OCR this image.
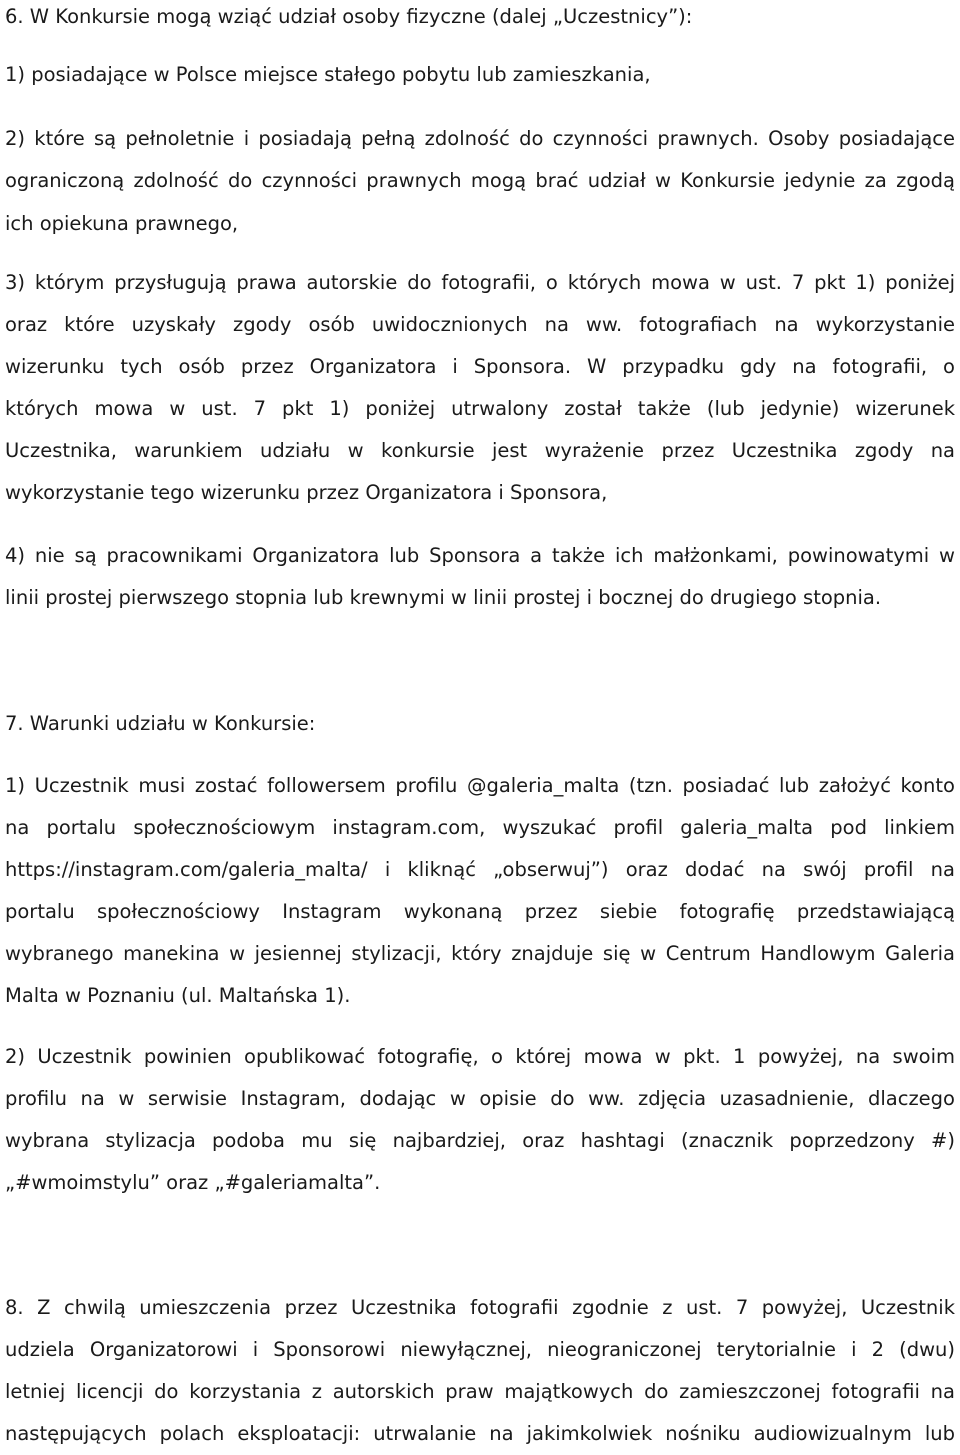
6. W Konkursie mogą wziąć udział osoby fizyczne (dalej „Uczestnicy”):
1) posiadające w Polsce miejsce stałego pobytu lub zamieszkania,
2) które są pełnoletnie i posiadają pełną zdolność do czynności prawnych. Osoby posiadające
ograniczoną zdolność do czynności prawnych mogą brać udział w Konkursie jedynie za zgodą
ich opiekuna prawnego,
3) którym przysługują prawa autorskie do fotografii, o których mowa w ust. 7 pkt 1) poniżej
oraz które uzyskały zgody osób uwidocznionych na ww. fotografiach na wykorzystanie
wizerunku tych osób przez Organizatora i Sponsora. W przypadku gdy na fotografii, o
których mowa w ust. 7 pkt 1) poniżej utrwalony został także (lub jedynie) wizerunek
Uczestnika, warunkiem udziału w konkursie jest wyrażenie przez Uczestnika zgody na
wykorzystanie tego wizerunku przez Organizatora i Sponsora,
4) nie są pracownikami Organizatora lub Sponsora a także ich małżonkami, powinowatymi w
linii prostej pierwszego stopnia lub krewnymi w linii prostej i bocznej do drugiego stopnia.
7. Warunki udziału w Konkursie:
1) Uczestnik musi zostać followersem profilu @galeria_malta (tzn. posiadać lub założyć konto
na portalu społecznościowym instagram.com, wyszukać profil galeria_malta pod linkiem
https://instagram.com/galeria_malta/ i kliknąć „obserwuj”) oraz dodać na swój profil na
portalu społecznościowy Instagram wykonaną przez siebie fotografię przedstawiającą
wybranego manekina w jesiennej stylizacji, który znajduje się w Centrum Handlowym Galeria
Malta w Poznaniu (ul. Maltańska 1).
2) Uczestnik powinien opublikować fotografię, o której mowa w pkt. 1 powyżej, na swoim
profilu na w serwisie Instagram, dodając w opisie do ww. zdjęcia uzasadnienie, dlaczego
wybrana stylizacja podoba mu się najbardziej, oraz hashtagi (znacznik poprzedzony #)
„#wmoimstylu” oraz „#galeriamalta”.
8. Z chwilą umieszczenia przez Uczestnika fotografii zgodnie z ust. 7 powyżej, Uczestnik
udziela Organizatorowi i Sponsorowi niewyłącznej, nieograniczonej terytorialnie i 2 (dwu)
letniej licencji do korzystania z autorskich praw majątkowych do zamieszczonej fotografii na
następujących polach eksploatacji: utrwalanie na jakimkolwiek nośniku audiowizualnym lub
